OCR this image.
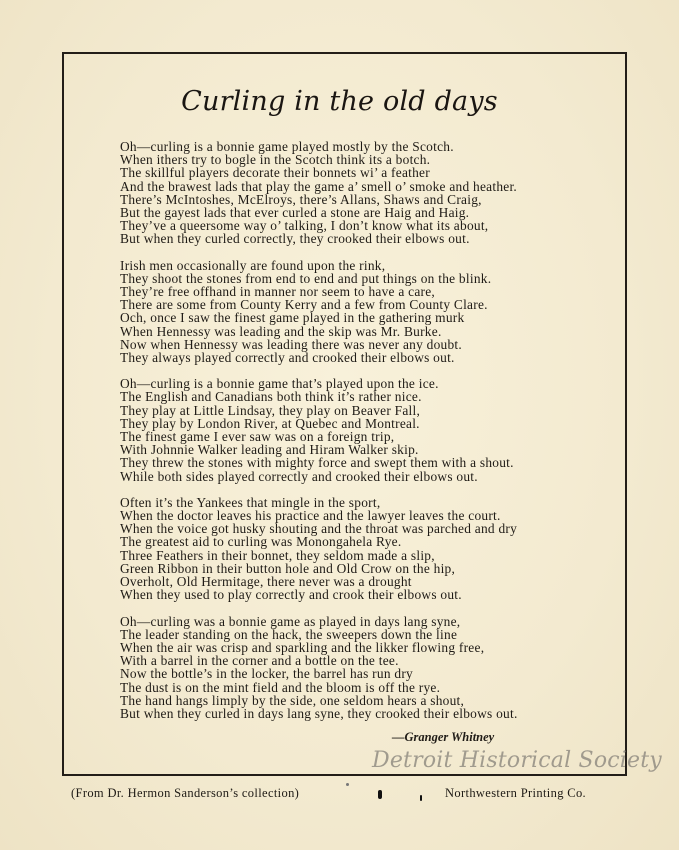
Curling in the old days
Oh—curling is a bonnie game played mostly by the Scotch.
When ithers try to bogle in the Scotch think its a botch.
The skillful players decorate their bonnets wi’ a feather
And the brawest lads that play the game a’ smell o’ smoke and heather.
There’s McIntoshes, McElroys, there’s Allans, Shaws and Craig,
But the gayest lads that ever curled a stone are Haig and Haig.
They’ve a queersome way o’ talking, I don’t know what its about,
But when they curled correctly, they crooked their elbows out.
Irish men occasionally are found upon the rink,
They shoot the stones from end to end and put things on the blink.
They’re free offhand in manner nor seem to have a care,
There are some from County Kerry and a few from County Clare.
Och, once I saw the finest game played in the gathering murk
When Hennessy was leading and the skip was Mr. Burke.
Now when Hennessy was leading there was never any doubt.
They always played correctly and crooked their elbows out.
Oh—curling is a bonnie game that’s played upon the ice.
The English and Canadians both think it’s rather nice.
They play at Little Lindsay, they play on Beaver Fall,
They play by London River, at Quebec and Montreal.
The finest game I ever saw was on a foreign trip,
With Johnnie Walker leading and Hiram Walker skip.
They threw the stones with mighty force and swept them with a shout.
While both sides played correctly and crooked their elbows out.
Often it’s the Yankees that mingle in the sport,
When the doctor leaves his practice and the lawyer leaves the court.
When the voice got husky shouting and the throat was parched and dry
The greatest aid to curling was Monongahela Rye.
Three Feathers in their bonnet, they seldom made a slip,
Green Ribbon in their button hole and Old Crow on the hip,
Overholt, Old Hermitage, there never was a drought
When they used to play correctly and crook their elbows out.
Oh—curling was a bonnie game as played in days lang syne,
The leader standing on the hack, the sweepers down the line
When the air was crisp and sparkling and the likker flowing free,
With a barrel in the corner and a bottle on the tee.
Now the bottle’s in the locker, the barrel has run dry
The dust is on the mint field and the bloom is off the rye.
The hand hangs limply by the side, one seldom hears a shout,
But when they curled in days lang syne, they crooked their elbows out.
—Granger Whitney
Detroit Historical Society
(From Dr. Hermon Sanderson’s collection)	Northwestern Printing Co.
